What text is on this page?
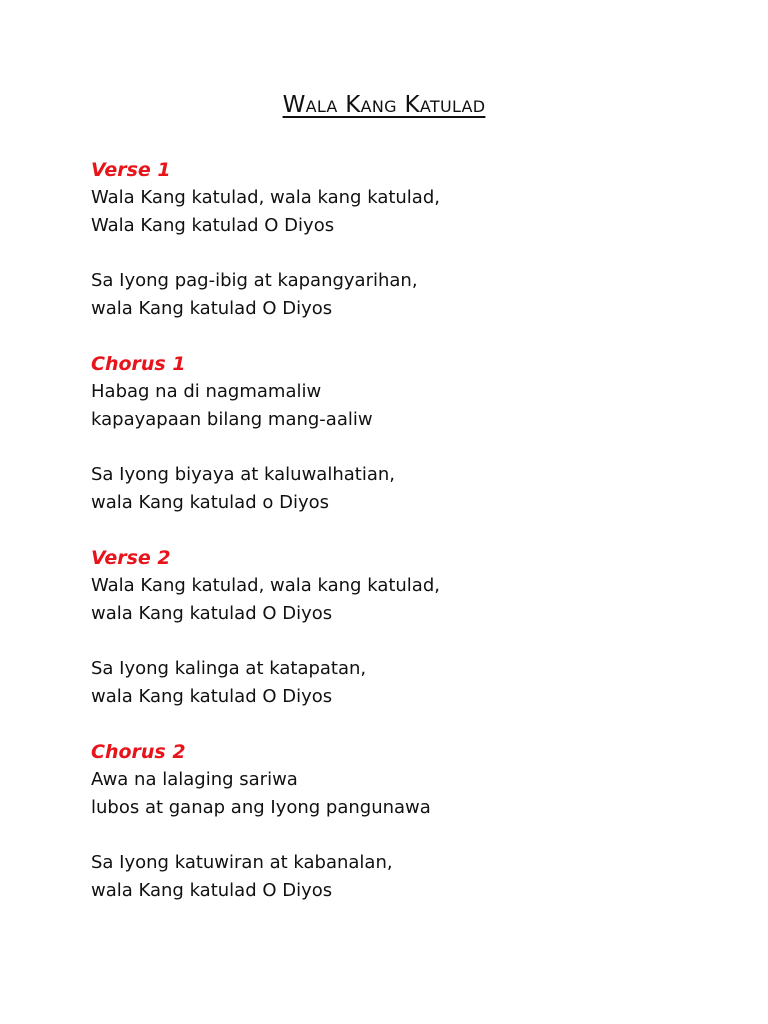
Wala Kang Katulad
Verse 1
Wala Kang katulad, wala kang katulad,
Wala Kang katulad O Diyos
Sa Iyong pag-ibig at kapangyarihan,
wala Kang katulad O Diyos
Chorus 1
Habag na di nagmamaliw
kapayapaan bilang mang-aaliw
Sa Iyong biyaya at kaluwalhatian,
wala Kang katulad o Diyos
Verse 2
Wala Kang katulad, wala kang katulad,
wala Kang katulad O Diyos
Sa Iyong kalinga at katapatan,
wala Kang katulad O Diyos
Chorus 2
Awa na lalaging sariwa
lubos at ganap ang Iyong pangunawa
Sa Iyong katuwiran at kabanalan,
wala Kang katulad O Diyos
